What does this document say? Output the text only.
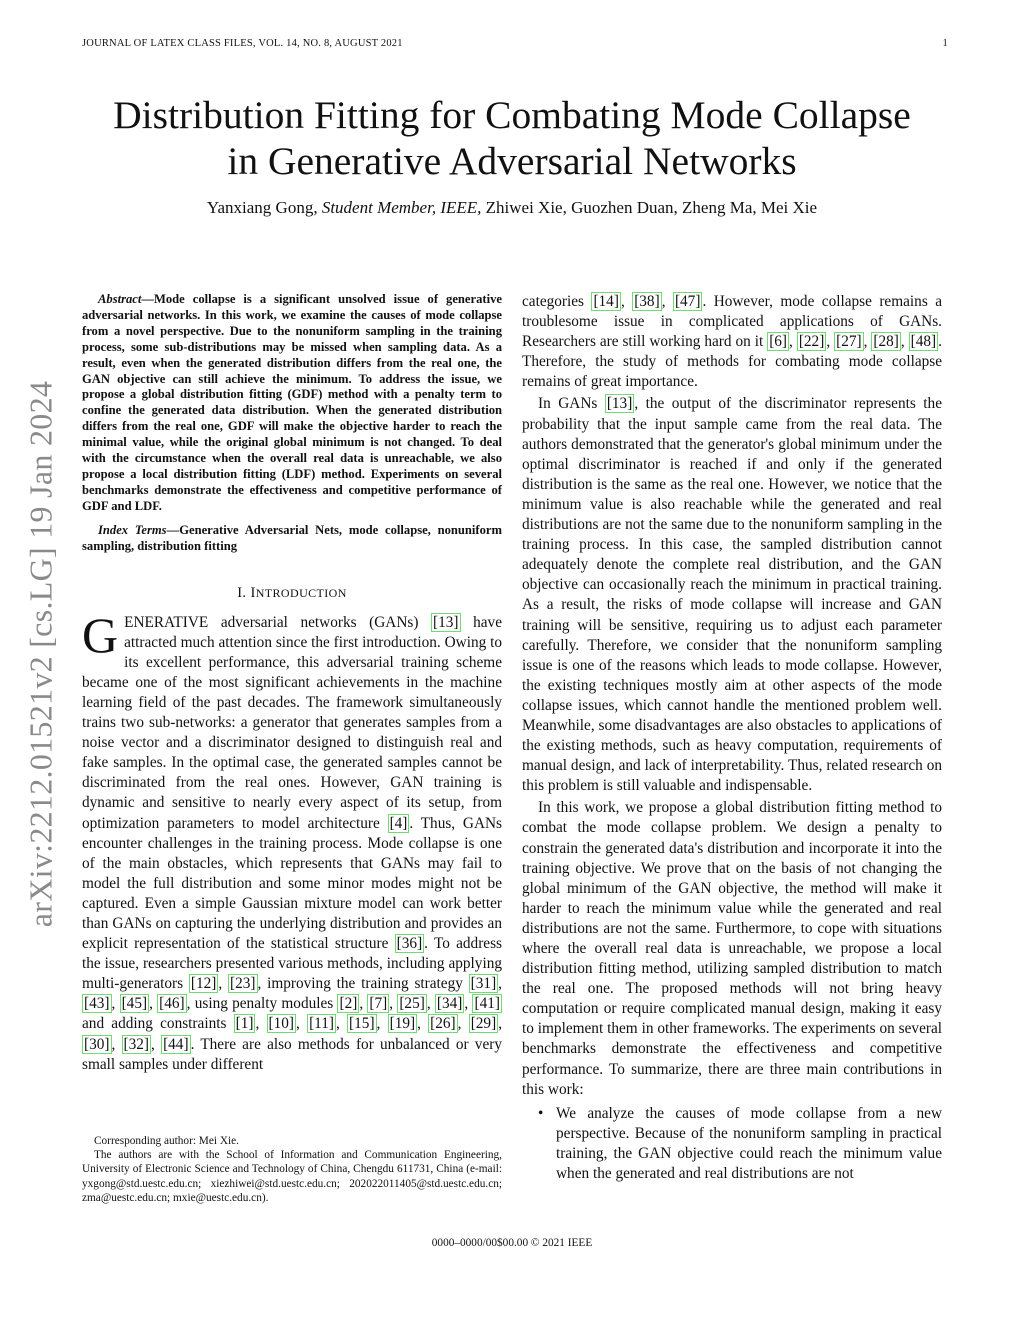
JOURNAL OF LATEX CLASS FILES, VOL. 14, NO. 8, AUGUST 2021	1
Distribution Fitting for Combating Mode Collapse
in Generative Adversarial Networks
Yanxiang Gong, Student Member, IEEE, Zhiwei Xie, Guozhen Duan, Zheng Ma, Mei Xie
arXiv:2212.01521v2 [cs.LG] 19 Jan 2024

Abstract—Mode collapse is a significant unsolved issue of generative adversarial networks. In this work, we examine the causes of mode collapse from a novel perspective. Due to the nonuniform sampling in the training process, some sub-distributions may be missed when sampling data. As a result, even when the generated distribution differs from the real one, the GAN objective can still achieve the minimum. To address the issue, we propose a global distribution fitting (GDF) method with a penalty term to confine the generated data distribution. When the generated distribution differs from the real one, GDF will make the objective harder to reach the minimal value, while the original global minimum is not changed. To deal with the circumstance when the overall real data is unreachable, we also propose a local distribution fitting (LDF) method. Experiments on several benchmarks demonstrate the effectiveness and competitive performance of GDF and LDF.

Index Terms—Generative Adversarial Nets, mode collapse, nonuniform sampling, distribution fitting

I. INTRODUCTION

GENERATIVE adversarial networks (GANs) [13] have attracted much attention since the first introduction. Owing to its excellent performance, this adversarial training scheme became one of the most significant achievements in the machine learning field of the past decades. The framework simultaneously trains two sub-networks: a generator that generates samples from a noise vector and a discriminator designed to distinguish real and fake samples. In the optimal case, the generated samples cannot be discriminated from the real ones. However, GAN training is dynamic and sensitive to nearly every aspect of its setup, from optimization parameters to model architecture [4] . Thus, GANs encounter challenges in the training process. Mode collapse is one of the main obstacles, which represents that GANs may fail to model the full distribution and some minor modes might not be captured. Even a simple Gaussian mixture model can work better than GANs on capturing the underlying distribution and provides an explicit representation of the statistical structure [36] . To address the issue, researchers presented various methods, including applying multi-generators [12] , [23] , improving the training strategy [31] , [43] , [45] , [46] , using penalty modules [2] , [7] , [25] , [34] , [41] and adding constraints [1] , [10] , [11] , [15] , [19] , [26] , [29] , [30] , [32] , [44] . There are also methods for unbalanced or very small samples under different

Corresponding author: Mei Xie.

The authors are with the School of Information and Communication Engineering, University of Electronic Science and Technology of China, Chengdu 611731, China (e-mail: yxgong@std.uestc.edu.cn; xiezhiwei@std.uestc.edu.cn; 202022011405@std.uestc.edu.cn; zma@uestc.edu.cn; mxie@uestc.edu.cn).

categories [14] , [38] , [47] . However, mode collapse remains a troublesome issue in complicated applications of GANs. Researchers are still working hard on it [6] , [22] , [27] , [28] , [48] . Therefore, the study of methods for combating mode collapse remains of great importance.

In GANs [13] , the output of the discriminator represents the probability that the input sample came from the real data. The authors demonstrated that the generator's global minimum under the optimal discriminator is reached if and only if the generated distribution is the same as the real one. However, we notice that the minimum value is also reachable while the generated and real distributions are not the same due to the nonuniform sampling in the training process. In this case, the sampled distribution cannot adequately denote the complete real distribution, and the GAN objective can occasionally reach the minimum in practical training. As a result, the risks of mode collapse will increase and GAN training will be sensitive, requiring us to adjust each parameter carefully. Therefore, we consider that the nonuniform sampling issue is one of the reasons which leads to mode collapse. However, the existing techniques mostly aim at other aspects of the mode collapse issues, which cannot handle the mentioned problem well. Meanwhile, some disadvantages are also obstacles to applications of the existing methods, such as heavy computation, requirements of manual design, and lack of interpretability. Thus, related research on this problem is still valuable and indispensable.

In this work, we propose a global distribution fitting method to combat the mode collapse problem. We design a penalty to constrain the generated data's distribution and incorporate it into the training objective. We prove that on the basis of not changing the global minimum of the GAN objective, the method will make it harder to reach the minimum value while the generated and real distributions are not the same. Furthermore, to cope with situations where the overall real data is unreachable, we propose a local distribution fitting method, utilizing sampled distribution to match the real one. The proposed methods will not bring heavy computation or require complicated manual design, making it easy to implement them in other frameworks. The experiments on several benchmarks demonstrate the effectiveness and competitive performance. To summarize, there are three main contributions in this work:

• We analyze the causes of mode collapse from a new perspective. Because of the nonuniform sampling in practical training, the GAN objective could reach the minimum value when the generated and real distributions are not
0000–0000/00$00.00 © 2021 IEEE
